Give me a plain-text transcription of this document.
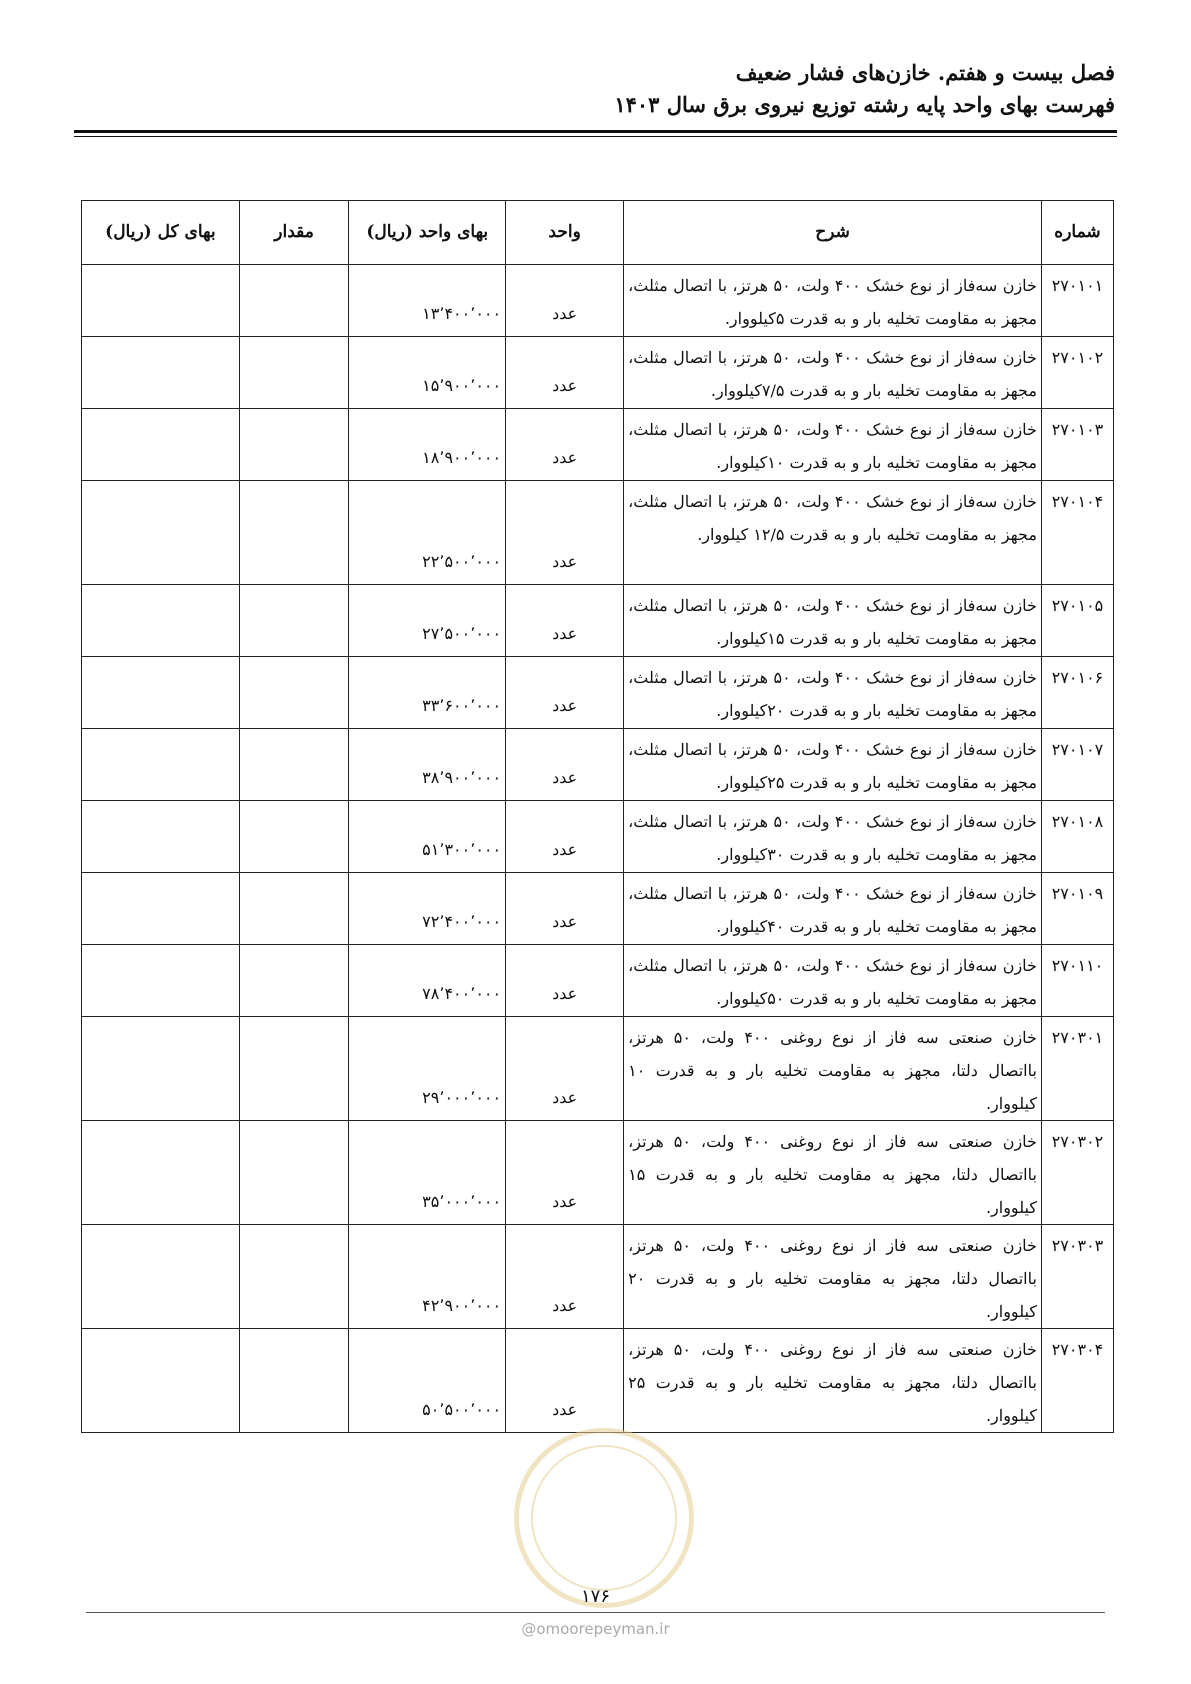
فصل بیست و هفتم. خازن‌های فشار ضعیف
فهرست بهای واحد پایه رشته توزیع نیروی برق سال ۱۴۰۳
شماره	شرح	واحد	بهای واحد (ریال)	مقدار	بهای کل (ریال)
۲۷۰۱۰۱	خازن سه‌فاز از نوع خشک ۴۰۰ ولت، ۵۰ هرتز، با اتصال مثلث، مجهز به مقاومت تخلیه بار و به قدرت ۵کیلووار.	عدد	۱۳٬۴۰۰٬۰۰۰		
۲۷۰۱۰۲	خازن سه‌فاز از نوع خشک ۴۰۰ ولت، ۵۰ هرتز، با اتصال مثلث، مجهز به مقاومت تخلیه بار و به قدرت ۷/۵کیلووار.	عدد	۱۵٬۹۰۰٬۰۰۰		
۲۷۰۱۰۳	خازن سه‌فاز از نوع خشک ۴۰۰ ولت، ۵۰ هرتز، با اتصال مثلث، مجهز به مقاومت تخلیه بار و به قدرت ۱۰کیلووار.	عدد	۱۸٬۹۰۰٬۰۰۰		
۲۷۰۱۰۴	خازن سه‌فاز از نوع خشک ۴۰۰ ولت، ۵۰ هرتز، با اتصال مثلث، مجهز به مقاومت تخلیه بار و به قدرت ۱۲/۵ کیلووار.	عدد	۲۲٬۵۰۰٬۰۰۰		
۲۷۰۱۰۵	خازن سه‌فاز از نوع خشک ۴۰۰ ولت، ۵۰ هرتز، با اتصال مثلث، مجهز به مقاومت تخلیه بار و به قدرت ۱۵کیلووار.	عدد	۲۷٬۵۰۰٬۰۰۰		
۲۷۰۱۰۶	خازن سه‌فاز از نوع خشک ۴۰۰ ولت، ۵۰ هرتز، با اتصال مثلث، مجهز به مقاومت تخلیه بار و به قدرت ۲۰کیلووار.	عدد	۳۳٬۶۰۰٬۰۰۰		
۲۷۰۱۰۷	خازن سه‌فاز از نوع خشک ۴۰۰ ولت، ۵۰ هرتز، با اتصال مثلث، مجهز به مقاومت تخلیه بار و به قدرت ۲۵کیلووار.	عدد	۳۸٬۹۰۰٬۰۰۰		
۲۷۰۱۰۸	خازن سه‌فاز از نوع خشک ۴۰۰ ولت، ۵۰ هرتز، با اتصال مثلث، مجهز به مقاومت تخلیه بار و به قدرت ۳۰کیلووار.	عدد	۵۱٬۳۰۰٬۰۰۰		
۲۷۰۱۰۹	خازن سه‌فاز از نوع خشک ۴۰۰ ولت، ۵۰ هرتز، با اتصال مثلث، مجهز به مقاومت تخلیه بار و به قدرت ۴۰کیلووار.	عدد	۷۲٬۴۰۰٬۰۰۰		
۲۷۰۱۱۰	خازن سه‌فاز از نوع خشک ۴۰۰ ولت، ۵۰ هرتز، با اتصال مثلث، مجهز به مقاومت تخلیه بار و به قدرت ۵۰کیلووار.	عدد	۷۸٬۴۰۰٬۰۰۰		
۲۷۰۳۰۱	خازن صنعتی سه فاز از نوع روغنی ۴۰۰ ولت، ۵۰ هرتز، بااتصال دلتا، مجهز به مقاومت تخلیه بار و به قدرت ۱۰ کیلووار.	عدد	۲۹٬۰۰۰٬۰۰۰		
۲۷۰۳۰۲	خازن صنعتی سه فاز از نوع روغنی ۴۰۰ ولت، ۵۰ هرتز، بااتصال دلتا، مجهز به مقاومت تخلیه بار و به قدرت ۱۵ کیلووار.	عدد	۳۵٬۰۰۰٬۰۰۰		
۲۷۰۳۰۳	خازن صنعتی سه فاز از نوع روغنی ۴۰۰ ولت، ۵۰ هرتز، بااتصال دلتا، مجهز به مقاومت تخلیه بار و به قدرت ۲۰ کیلووار.	عدد	۴۲٬۹۰۰٬۰۰۰		
۲۷۰۳۰۴	خازن صنعتی سه فاز از نوع روغنی ۴۰۰ ولت، ۵۰ هرتز، بااتصال دلتا، مجهز به مقاومت تخلیه بار و به قدرت ۲۵ کیلووار.	عدد	۵۰٬۵۰۰٬۰۰۰		
۱۷۶
@omoorepeyman.ir
